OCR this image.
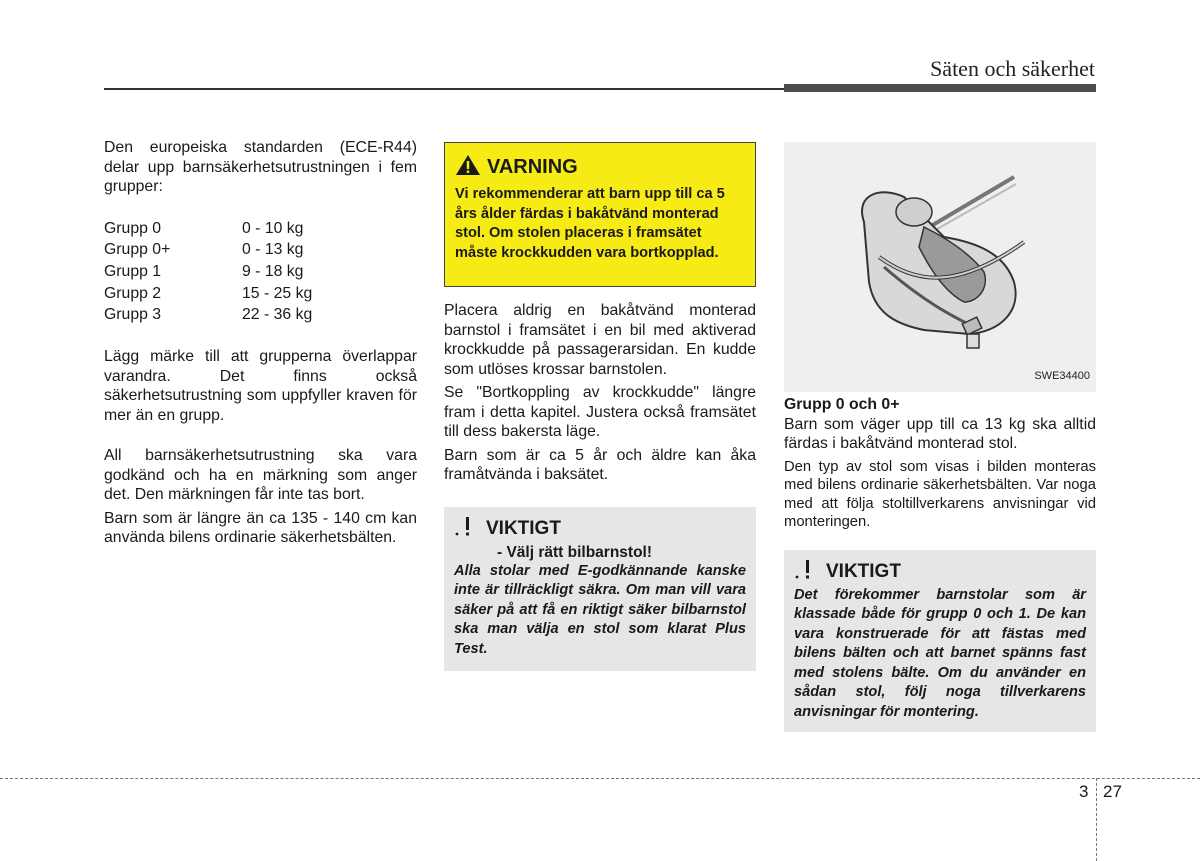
Säten och säkerhet

Den europeiska standarden (ECE-R44) delar upp barnsäkerhetsutrustningen i fem grupper:

Grupp 0	0 - 10 kg
Grupp 0+	0 - 13 kg
Grupp 1	9 - 18 kg
Grupp 2	15 - 25 kg
Grupp 3	22 - 36 kg

Lägg märke till att grupperna överlappar varandra. Det finns också säkerhetsutrustning som uppfyller kraven för mer än en grupp.

All barnsäkerhetsutrustning ska vara godkänd och ha en märkning som anger det. Den märkningen får inte tas bort.

Barn som är längre än ca 135 - 140 cm kan använda bilens ordinarie säkerhetsbälten.

VARNING
Vi rekommenderar att barn upp till ca 5 års ålder färdas i bakåtvänd monterad stol. Om stolen placeras i framsätet måste krockkudden vara bortkopplad.

Placera aldrig en bakåtvänd monterad barnstol i framsätet i en bil med aktiverad krockkudde på passagerarsidan. En kudde som utlöses krossar barnstolen.

Se "Bortkoppling av krockkudde" längre fram i detta kapitel. Justera också framsätet till dess bakersta läge.

Barn som är ca 5 år och äldre kan åka framåtvända i baksätet.

VIKTIGT
- Välj rätt bilbarnstol!
Alla stolar med E-godkännande kanske inte är tillräckligt säkra. Om man vill vara säker på att få en riktigt säker bilbarnstol ska man välja en stol som klarat Plus Test.
SWE34400
Grupp 0 och 0+

Barn som väger upp till ca 13 kg ska alltid färdas i bakåtvänd monterad stol.

Den typ av stol som visas i bilden monteras med bilens ordinarie säkerhetsbälten. Var noga med att följa stoltillverkarens anvisningar vid monteringen.

VIKTIGT
Det förekommer barnstolar som är klassade både för grupp 0 och 1. De kan vara konstruerade för att fästas med bilens bälten och att barnet spänns fast med stolens bälte. Om du använder en sådan stol, följ noga tillverkarens anvisningar för montering.
3 27
